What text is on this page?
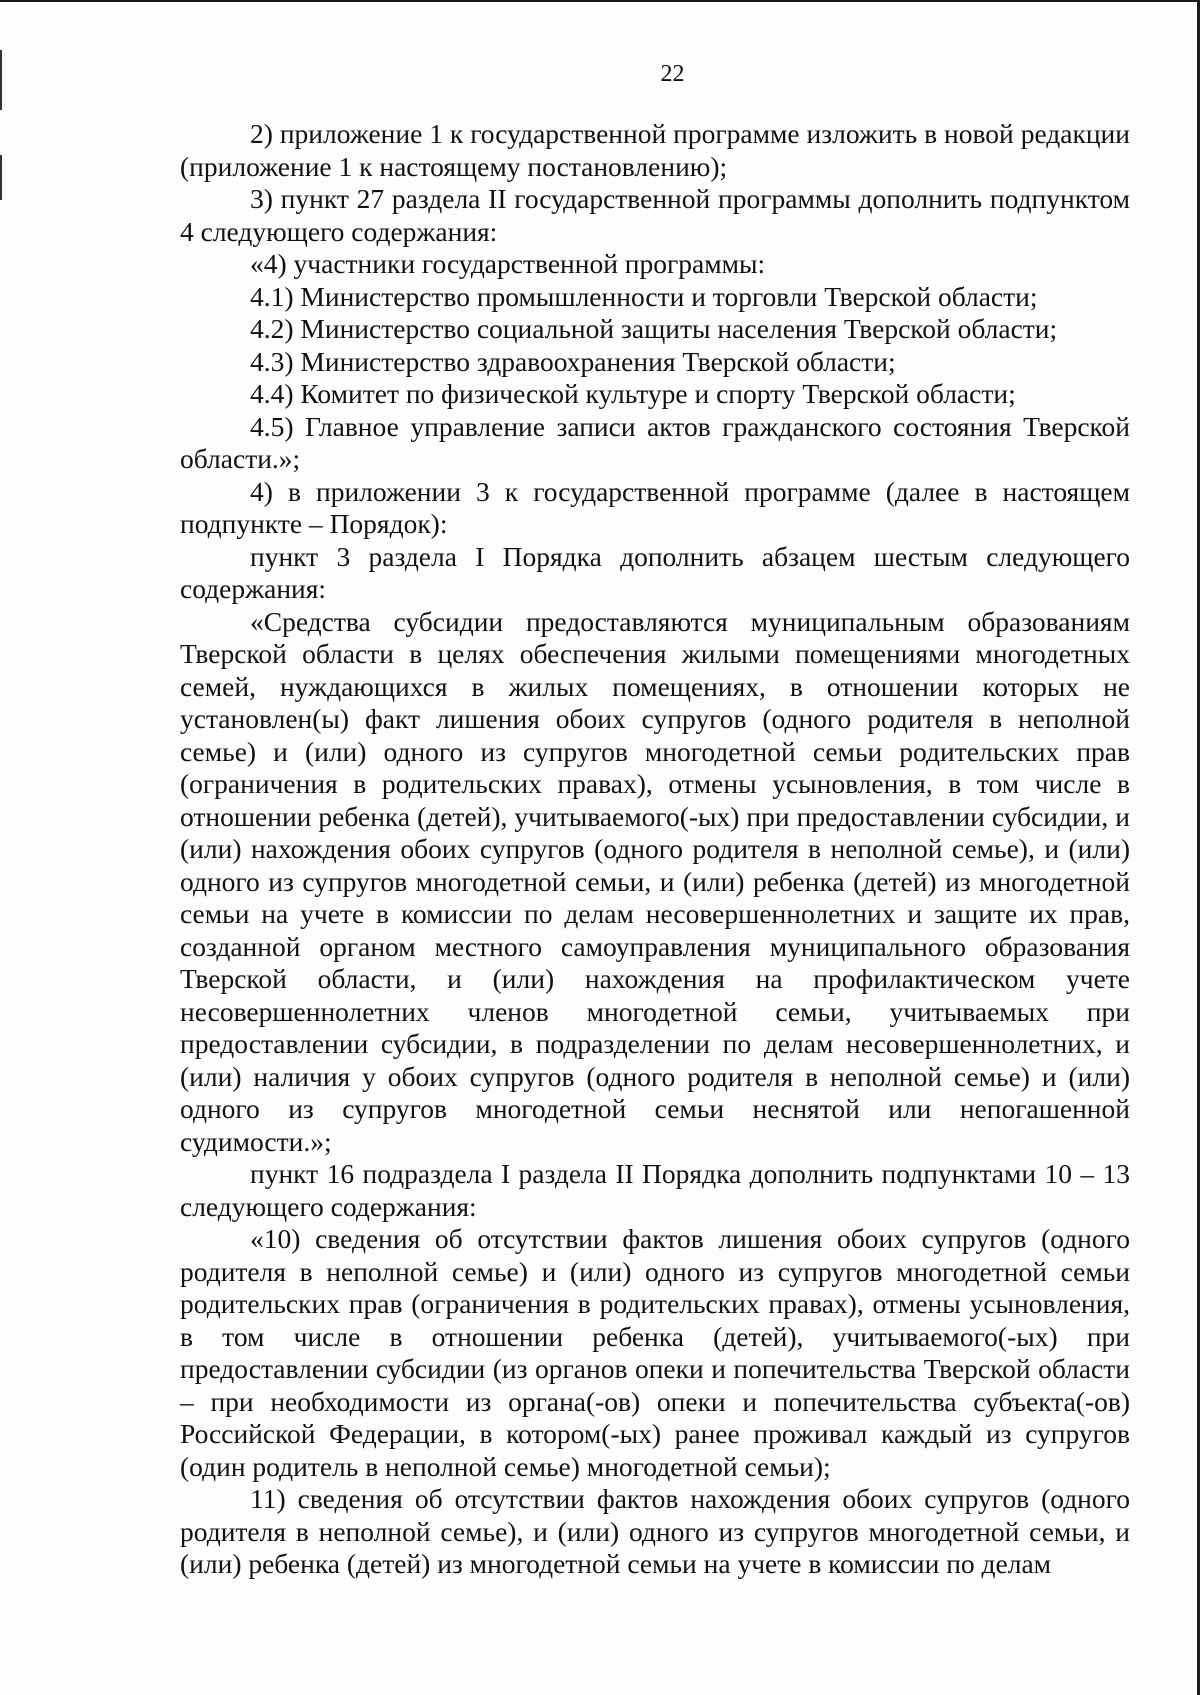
22

2) приложение 1 к государственной программе изложить в новой редакции (приложение 1 к настоящему постановлению);

3) пункт 27 раздела II государственной программы дополнить подпунктом 4 следующего содержания:

«4) участники государственной программы:

4.1) Министерство промышленности и торговли Тверской области;

4.2) Министерство социальной защиты населения Тверской области;

4.3) Министерство здравоохранения Тверской области;

4.4) Комитет по физической культуре и спорту Тверской области;

4.5) Главное управление записи актов гражданского состояния Тверской области.»;

4) в приложении 3 к государственной программе (далее в настоящем подпункте – Порядок):

пункт 3 раздела I Порядка дополнить абзацем шестым следующего содержания:

«Средства субсидии предоставляются муниципальным образованиям Тверской области в целях обеспечения жилыми помещениями многодетных семей, нуждающихся в жилых помещениях, в отношении которых не установлен(ы) факт лишения обоих супругов (одного родителя в неполной семье) и (или) одного из супругов многодетной семьи родительских прав (ограничения в родительских правах), отмены усыновления, в том числе в отношении ребенка (детей), учитываемого(-ых) при предоставлении субсидии, и (или) нахождения обоих супругов (одного родителя в неполной семье), и (или) одного из супругов многодетной семьи, и (или) ребенка (детей) из многодетной семьи на учете в комиссии по делам несовершеннолетних и защите их прав, созданной органом местного самоуправления муниципального образования Тверской области, и (или) нахождения на профилактическом учете несовершеннолетних членов многодетной семьи, учитываемых при предоставлении субсидии, в подразделении по делам несовершеннолетних, и (или) наличия у обоих супругов (одного родителя в неполной семье) и (или) одного из супругов многодетной семьи неснятой или непогашенной судимости.»;

пункт 16 подраздела I раздела II Порядка дополнить подпунктами 10 – 13 следующего содержания:

«10) сведения об отсутствии фактов лишения обоих супругов (одного родителя в неполной семье) и (или) одного из супругов многодетной семьи родительских прав (ограничения в родительских правах), отмены усыновления, в том числе в отношении ребенка (детей), учитываемого(-ых) при предоставлении субсидии (из органов опеки и попечительства Тверской области – при необходимости из органа(-ов) опеки и попечительства субъекта(-ов) Российской Федерации, в котором(-ых) ранее проживал каждый из супругов (один родитель в неполной семье) многодетной семьи);

11) сведения об отсутствии фактов нахождения обоих супругов (одного родителя в неполной семье), и (или) одного из супругов многодетной семьи, и (или) ребенка (детей) из многодетной семьи на учете в комиссии по делам
